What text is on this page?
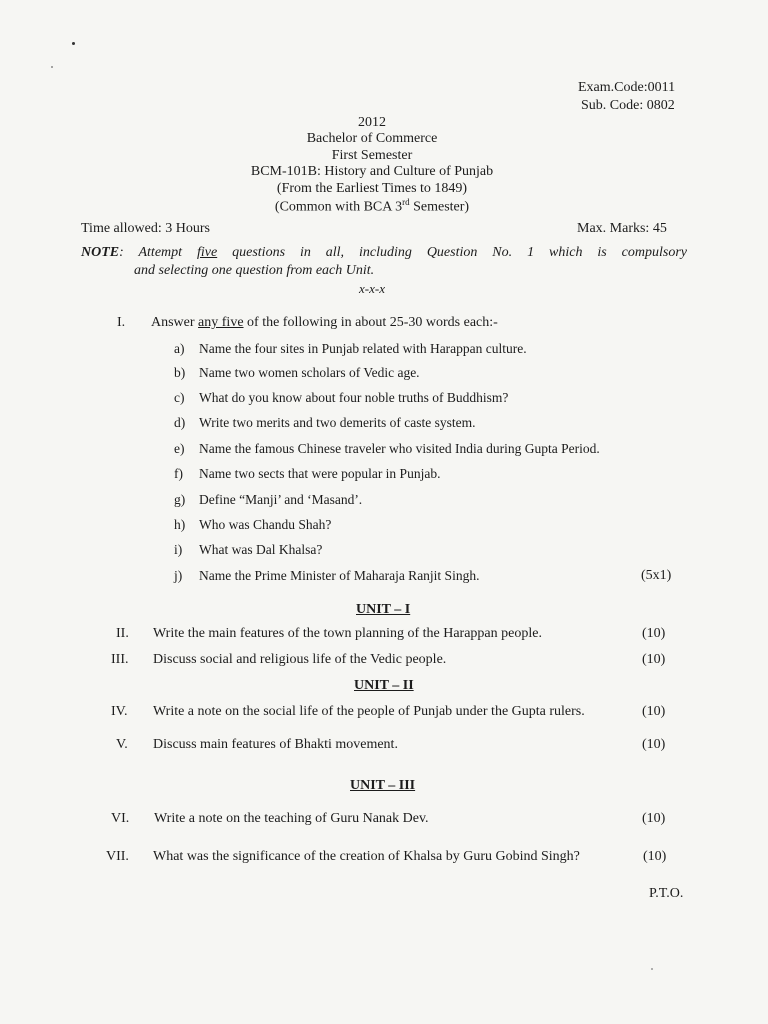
Exam.Code:0011
Sub. Code: 0802
2012
Bachelor of Commerce
First Semester
BCM-101B: History and Culture of Punjab
(From the Earliest Times to 1849)
(Common with BCA 3rd Semester)
Time allowed: 3 Hours	Max. Marks: 45
NOTE: Attempt five questions in all, including Question No. 1 which is compulsory
and selecting one question from each Unit.
x-x-x
I. Answer any five of the following in about 25-30 words each:-
a) Name the four sites in Punjab related with Harappan culture.
b) Name two women scholars of Vedic age.
c) What do you know about four noble truths of Buddhism?
d) Write two merits and two demerits of caste system.
e) Name the famous Chinese traveler who visited India during Gupta Period.
f) Name two sects that were popular in Punjab.
g) Define “Manji’ and ‘Masand’.
h) Who was Chandu Shah?
i) What was Dal Khalsa?
j) Name the Prime Minister of Maharaja Ranjit Singh.	(5x1)
UNIT – I
II. Write the main features of the town planning of the Harappan people.	(10)
III. Discuss social and religious life of the Vedic people.	(10)
UNIT – II
IV. Write a note on the social life of the people of Punjab under the Gupta rulers.	(10)
V. Discuss main features of Bhakti movement.	(10)
UNIT – III
VI. Write a note on the teaching of Guru Nanak Dev.	(10)
VII. What was the significance of the creation of Khalsa by Guru Gobind Singh?	(10)
P.T.O.
